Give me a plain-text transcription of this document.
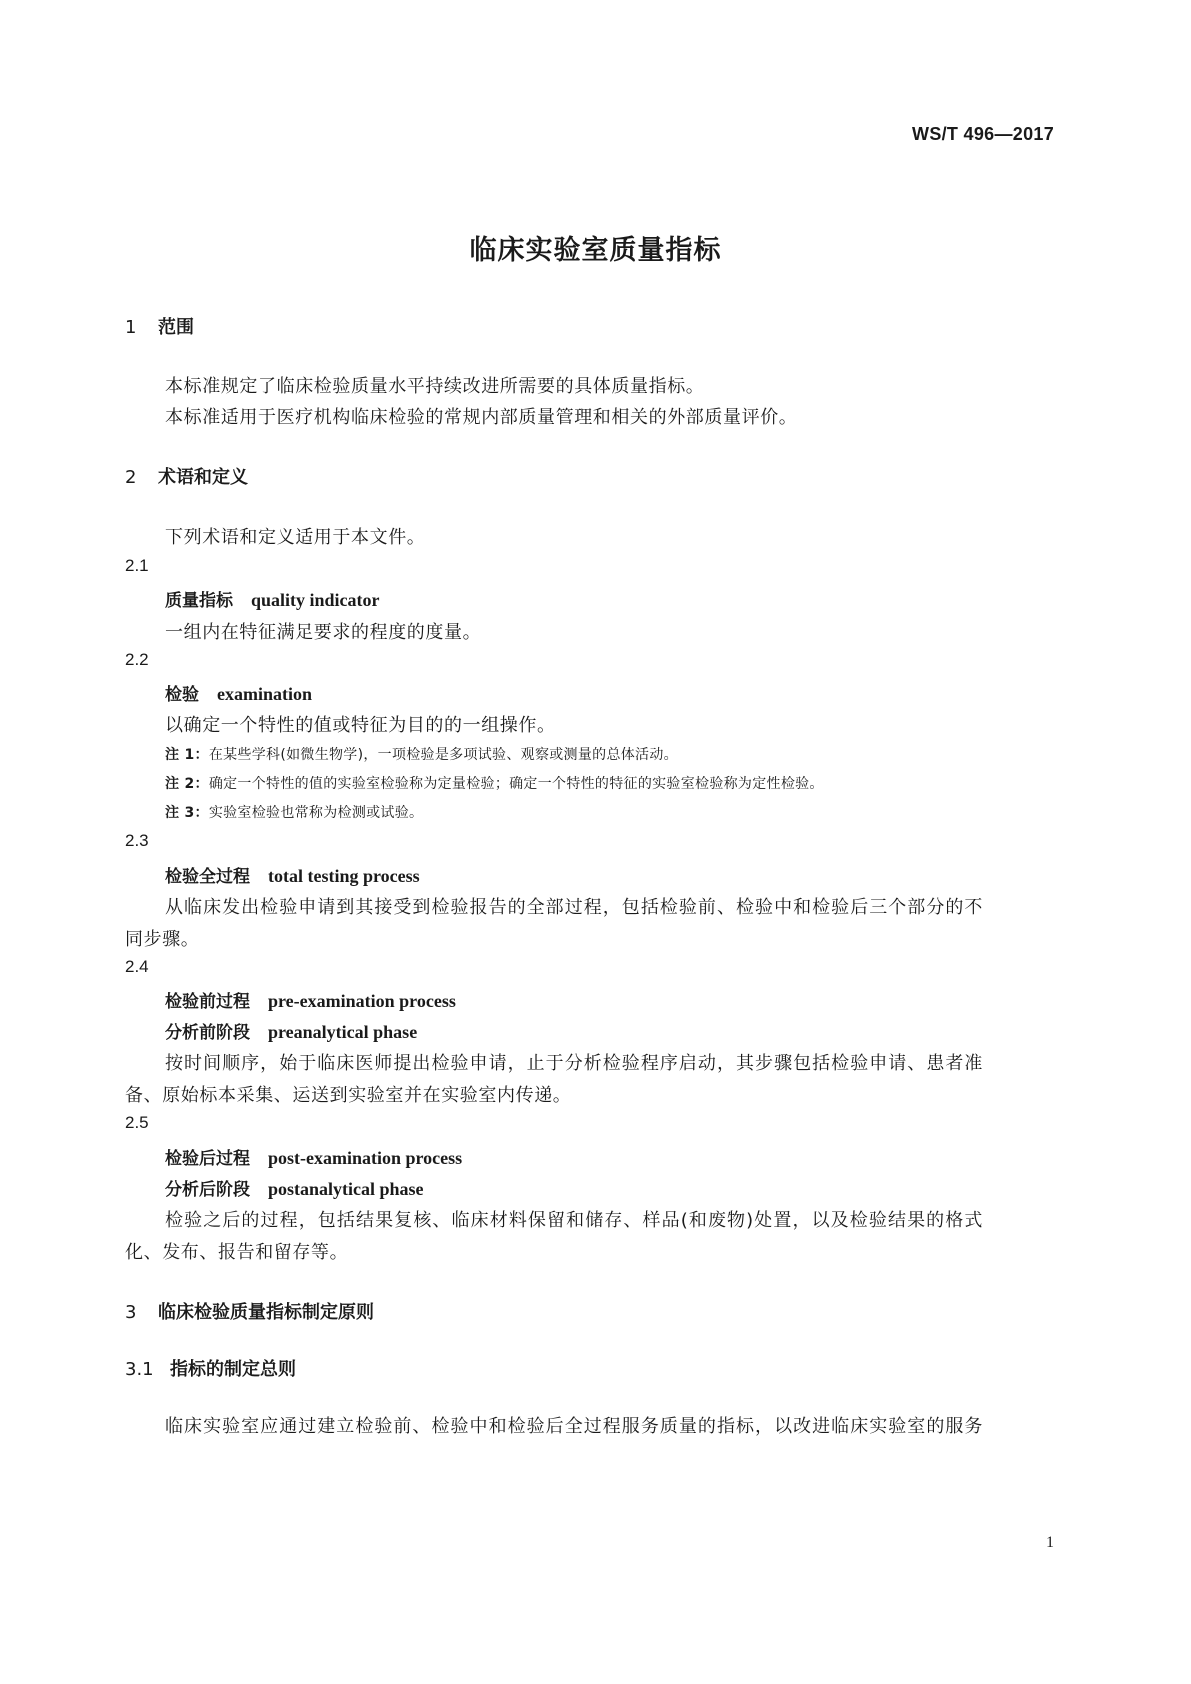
WS/T 496—2017
临床实验室质量指标
1 范围
本标准规定了临床检验质量水平持续改进所需要的具体质量指标。
本标准适用于医疗机构临床检验的常规内部质量管理和相关的外部质量评价。
2 术语和定义
下列术语和定义适用于本文件。
2.1
质量指标 quality indicator
一组内在特征满足要求的程度的度量。
2.2
检验 examination
以确定一个特性的值或特征为目的的一组操作。
注 1：在某些学科(如微生物学)，一项检验是多项试验、观察或测量的总体活动。
注 2：确定一个特性的值的实验室检验称为定量检验；确定一个特性的特征的实验室检验称为定性检验。
注 3：实验室检验也常称为检测或试验。
2.3
检验全过程 total testing process
从临床发出检验申请到其接受到检验报告的全部过程，包括检验前、检验中和检验后三个部分的不
同步骤。
2.4
检验前过程 pre-examination process
分析前阶段 preanalytical phase
按时间顺序，始于临床医师提出检验申请，止于分析检验程序启动，其步骤包括检验申请、患者准
备、原始标本采集、运送到实验室并在实验室内传递。
2.5
检验后过程 post-examination process
分析后阶段 postanalytical phase
检验之后的过程，包括结果复核、临床材料保留和储存、样品(和废物)处置，以及检验结果的格式
化、发布、报告和留存等。
3 临床检验质量指标制定原则
3.1 指标的制定总则
临床实验室应通过建立检验前、检验中和检验后全过程服务质量的指标，以改进临床实验室的服务
1
